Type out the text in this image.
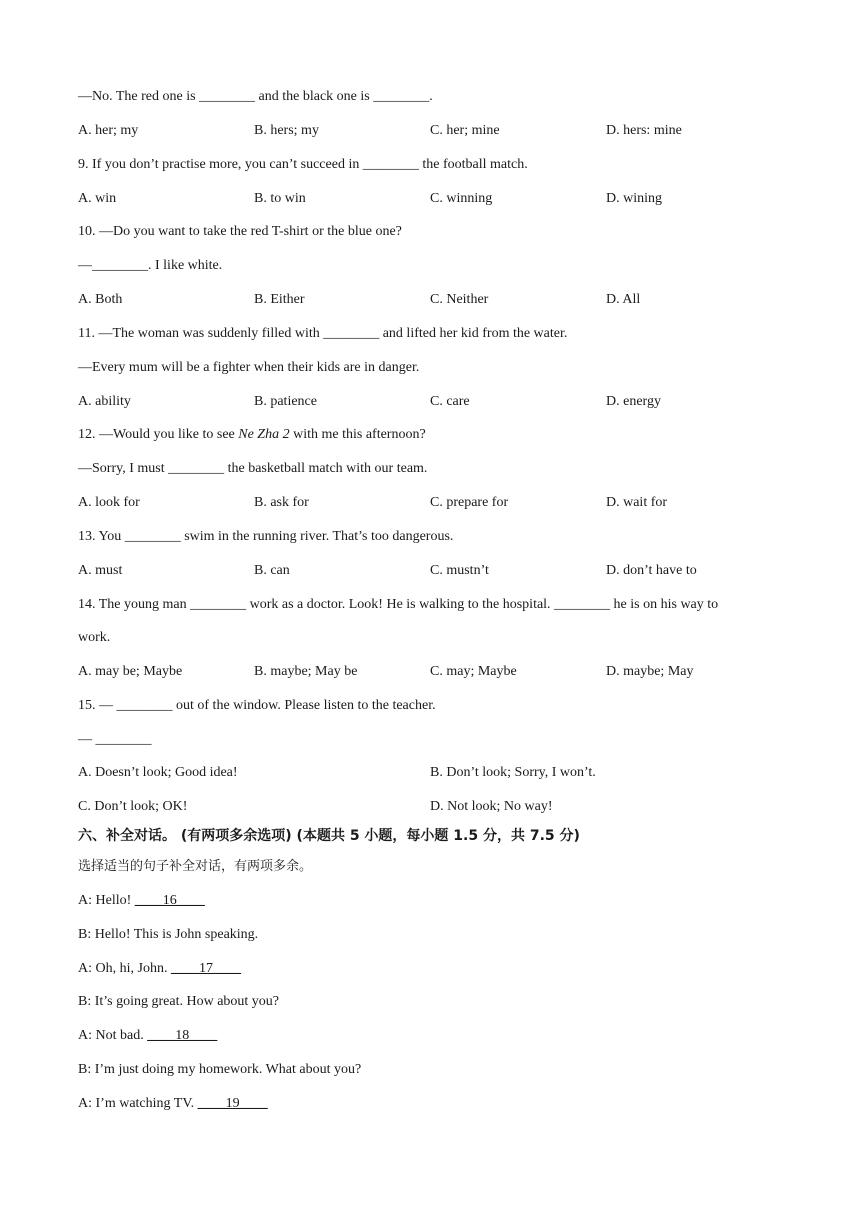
—No. The red one is ________ and the black one is ________.
A. her; my	B. hers; my	C. her; mine	D. hers: mine
9. If you don’t practise more, you can’t succeed in ________ the football match.
A. win	B. to win	C. winning	D. wining
10. —Do you want to take the red T-shirt or the blue one?
—________. I like white.
A. Both	B. Either	C. Neither	D. All
11. —The woman was suddenly filled with ________ and lifted her kid from the water.
—Every mum will be a fighter when their kids are in danger.
A. ability	B. patience	C. care	D. energy
12. —Would you like to see Ne Zha 2 with me this afternoon?
—Sorry, I must ________ the basketball match with our team.
A. look for	B. ask for	C. prepare for	D. wait for
13. You ________ swim in the running river. That’s too dangerous.
A. must	B. can	C. mustn’t	D. don’t have to
14. The young man ________ work as a doctor. Look! He is walking to the hospital. ________ he is on his way to
work.
A. may be; Maybe	B. maybe; May be	C. may; Maybe	D. maybe; May
15. — ________ out of the window. Please listen to the teacher.
— ________
A. Doesn’t look; Good idea!	B. Don’t look; Sorry, I won’t.
C. Don’t look; OK!	D. Not look; No way!
六、补全对话。 (有两项多余选项) (本题共 5 小题，每小题 1.5 分，共 7.5 分)
选择适当的句子补全对话，有两项多余。
A: Hello! ____16____
B: Hello! This is John speaking.
A: Oh, hi, John. ____17____
B: It’s going great. How about you?
A: Not bad. ____18____
B: I’m just doing my homework. What about you?
A: I’m watching TV. ____19____
